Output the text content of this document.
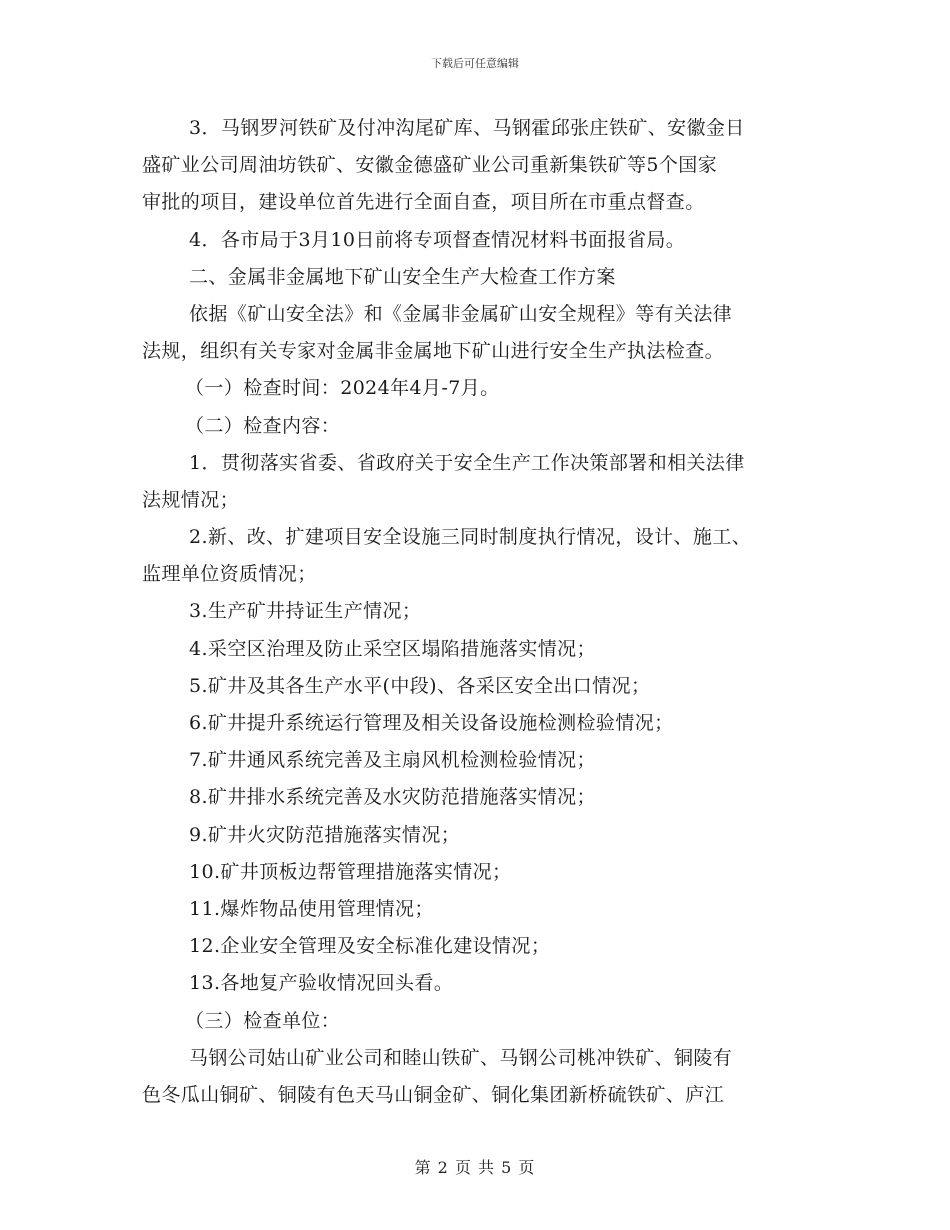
下载后可任意编辑
3．马钢罗河铁矿及付冲沟尾矿库、马钢霍邱张庄铁矿、安徽金日
盛矿业公司周油坊铁矿、安徽金德盛矿业公司重新集铁矿等5个国家
审批的项目，建设单位首先进行全面自查，项目所在市重点督查。
4．各市局于3月10日前将专项督查情况材料书面报省局。
二、金属非金属地下矿山安全生产大检查工作方案
依据《矿山安全法》和《金属非金属矿山安全规程》等有关法律
法规，组织有关专家对金属非金属地下矿山进行安全生产执法检查。
（一）检查时间：2024年4月-7月。
（二）检查内容：
1．贯彻落实省委、省政府关于安全生产工作决策部署和相关法律
法规情况；
2.新、改、扩建项目安全设施三同时制度执行情况，设计、施工、
监理单位资质情况；
3.生产矿井持证生产情况；
4.采空区治理及防止采空区塌陷措施落实情况；
5.矿井及其各生产水平(中段)、各采区安全出口情况；
6.矿井提升系统运行管理及相关设备设施检测检验情况；
7.矿井通风系统完善及主扇风机检测检验情况；
8.矿井排水系统完善及水灾防范措施落实情况；
9.矿井火灾防范措施落实情况；
10.矿井顶板边帮管理措施落实情况；
11.爆炸物品使用管理情况；
12.企业安全管理及安全标准化建设情况；
13.各地复产验收情况回头看。
（三）检查单位：
马钢公司姑山矿业公司和睦山铁矿、马钢公司桃冲铁矿、铜陵有
色冬瓜山铜矿、铜陵有色天马山铜金矿、铜化集团新桥硫铁矿、庐江
第 2 页 共 5 页
